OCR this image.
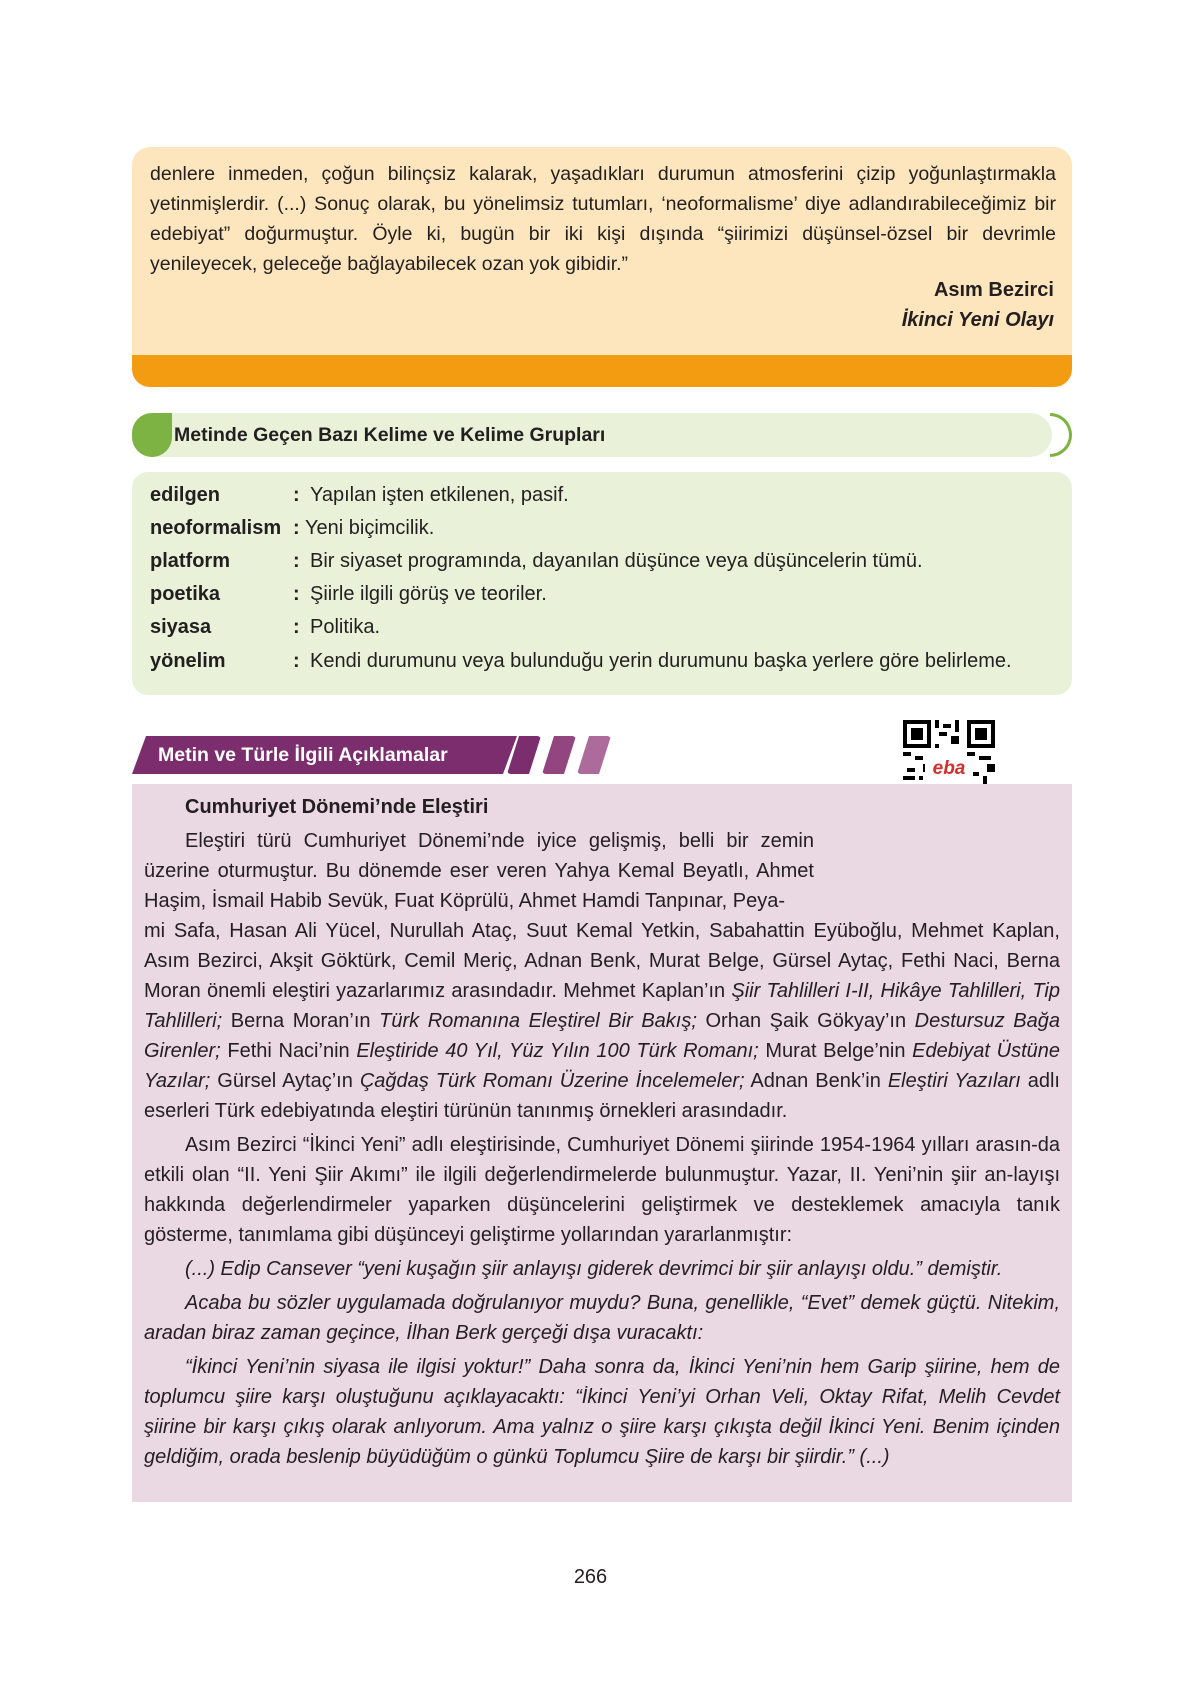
denlere inmeden, çoğun bilinçsiz kalarak, yaşadıkları durumun atmosferini çizip yoğunlaştırmakla yetinmişlerdir. (...) Sonuç olarak, bu yönelimsiz tutumları, ‘neoformalisme’ diye adlandırabileceğimiz bir edebiyat” doğurmuştur. Öyle ki, bugün bir iki kişi dışında “şiirimizi düşünsel-özsel bir devrimle yenileyecek, geleceğe bağlayabilecek ozan yok gibidir.”

Asım Bezirci
İkinci Yeni Olayı
Metinde Geçen Bazı Kelime ve Kelime Grupları
edilgen	: Yapılan işten etkilenen, pasif.
neoformalism : Yeni biçimcilik.
platform	: Bir siyaset programında, dayanılan düşünce veya düşüncelerin tümü.
poetika	: Şiirle ilgili görüş ve teoriler.
siyasa	: Politika.
yönelim	: Kendi durumunu veya bulunduğu yerin durumunu başka yerlere göre belirleme.
Metin ve Türle İlgili Açıklamalar
eba
Cumhuriyet Dönemi’nde Eleştiri

Eleştiri türü Cumhuriyet Dönemi’nde iyice gelişmiş, belli bir zemin üzerine oturmuştur. Bu dönemde eser veren Yahya Kemal Beyatlı, Ahmet Haşim, İsmail Habib Sevük, Fuat Köprülü, Ahmet Hamdi Tanpınar, Peya-

mi Safa, Hasan Ali Yücel, Nurullah Ataç, Suut Kemal Yetkin, Sabahattin Eyüboğlu, Mehmet Kaplan, Asım Bezirci, Akşit Göktürk, Cemil Meriç, Adnan Benk, Murat Belge, Gürsel Aytaç, Fethi Naci, Berna Moran önemli eleştiri yazarlarımız arasındadır. Mehmet Kaplan’ın Şiir Tahlilleri I-II, Hikâye Tahlilleri, Tip Tahlilleri; Berna Moran’ın Türk Romanına Eleştirel Bir Bakış; Orhan Şaik Gökyay’ın Destursuz Bağa Girenler; Fethi Naci’nin Eleştiride 40 Yıl, Yüz Yılın 100 Türk Romanı; Murat Belge’nin Edebiyat Üstüne Yazılar; Gürsel Aytaç’ın Çağdaş Türk Romanı Üzerine İncelemeler; Adnan Benk’in Eleştiri Yazıları adlı eserleri Türk edebiyatında eleştiri türünün tanınmış örnekleri arasındadır.

Asım Bezirci “İkinci Yeni” adlı eleştirisinde, Cumhuriyet Dönemi şiirinde 1954-1964 yılları arasın-da etkili olan “II. Yeni Şiir Akımı” ile ilgili değerlendirmelerde bulunmuştur. Yazar, II. Yeni’nin şiir an-layışı hakkında değerlendirmeler yaparken düşüncelerini geliştirmek ve desteklemek amacıyla tanık gösterme, tanımlama gibi düşünceyi geliştirme yollarından yararlanmıştır:

(...) Edip Cansever “yeni kuşağın şiir anlayışı giderek devrimci bir şiir anlayışı oldu.” demiştir.

Acaba bu sözler uygulamada doğrulanıyor muydu? Buna, genellikle, “Evet” demek güçtü. Nitekim, aradan biraz zaman geçince, İlhan Berk gerçeği dışa vuracaktı:

“İkinci Yeni’nin siyasa ile ilgisi yoktur!” Daha sonra da, İkinci Yeni’nin hem Garip şiirine, hem de toplumcu şiire karşı oluştuğunu açıklayacaktı: “İkinci Yeni’yi Orhan Veli, Oktay Rifat, Melih Cevdet şiirine bir karşı çıkış olarak anlıyorum. Ama yalnız o şiire karşı çıkışta değil İkinci Yeni. Benim içinden geldiğim, orada beslenip büyüdüğüm o günkü Toplumcu Şiire de karşı bir şiirdir.” (...)

266
